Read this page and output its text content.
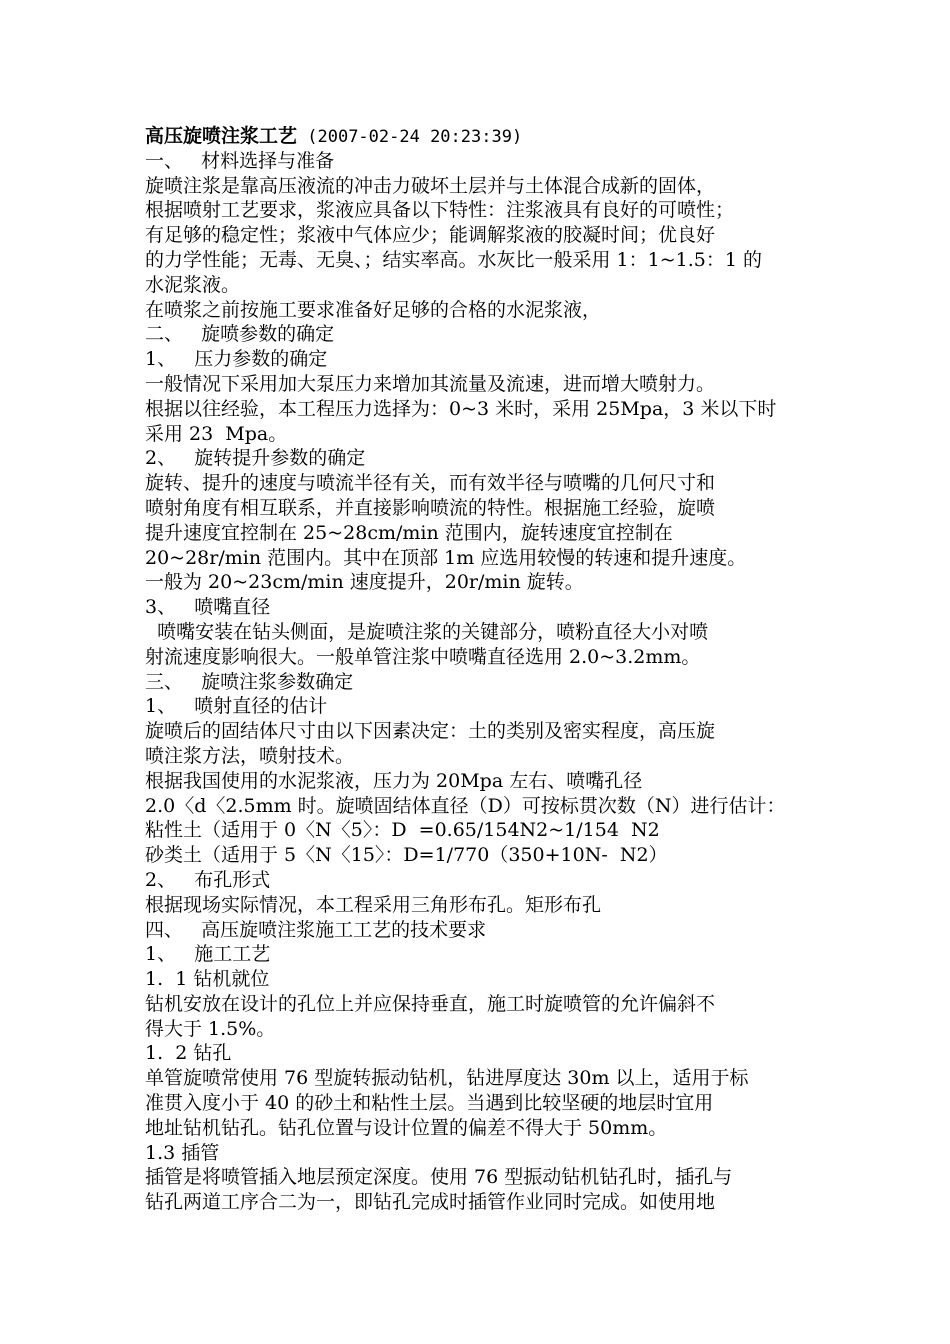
高压旋喷注浆工艺 (2007-02-24 20:23:39)
一、   材料选择与准备
旋喷注浆是靠高压液流的冲击力破坏土层并与土体混合成新的固体，
根据喷射工艺要求，浆液应具备以下特性：注浆液具有良好的可喷性；
有足够的稳定性；浆液中气体应少；能调解浆液的胶凝时间；优良好
的力学性能；无毒、无臭、；结实率高。水灰比一般采用 1：1~1.5：1 的
水泥浆液。
在喷浆之前按施工要求准备好足够的合格的水泥浆液，
二、   旋喷参数的确定
1、   压力参数的确定
一般情况下采用加大泵压力来增加其流量及流速，进而增大喷射力。
根据以往经验，本工程压力选择为：0~3 米时，采用 25Mpa，3 米以下时
采用 23  Mpa。
2、   旋转提升参数的确定
旋转、提升的速度与喷流半径有关，而有效半径与喷嘴的几何尺寸和
喷射角度有相互联系，并直接影响喷流的特性。根据施工经验，旋喷
提升速度宜控制在 25~28cm/min 范围内，旋转速度宜控制在
20~28r/min 范围内。其中在顶部 1m 应选用较慢的转速和提升速度。
一般为 20~23cm/min 速度提升，20r/min 旋转。
3、   喷嘴直径
喷嘴安装在钻头侧面，是旋喷注浆的关键部分，喷粉直径大小对喷
射流速度影响很大。一般单管注浆中喷嘴直径选用 2.0~3.2mm。
三、   旋喷注浆参数确定
1、   喷射直径的估计
旋喷后的固结体尺寸由以下因素决定：土的类别及密实程度，高压旋
喷注浆方法，喷射技术。
根据我国使用的水泥浆液，压力为 20Mpa 左右、喷嘴孔径
2.0〈d〈2.5mm 时。旋喷固结体直径（D）可按标贯次数（N）进行估计：
粘性土（适用于 0〈N〈5〉：D  =0.65/154N2~1/154  N2
砂类土（适用于 5〈N〈15〉：D=1/770（350+10N-  N2）
2、   布孔形式
根据现场实际情况，本工程采用三角形布孔。矩形布孔
四、   高压旋喷注浆施工工艺的技术要求
1、   施工工艺
1.  1 钻机就位
钻机安放在设计的孔位上并应保持垂直，施工时旋喷管的允许偏斜不
得大于 1.5%。
1.  2 钻孔
单管旋喷常使用 76 型旋转振动钻机，钻进厚度达 30m 以上，适用于标
准贯入度小于 40 的砂土和粘性土层。当遇到比较坚硬的地层时宜用
地址钻机钻孔。钻孔位置与设计位置的偏差不得大于 50mm。
1.3 插管
插管是将喷管插入地层预定深度。使用 76 型振动钻机钻孔时，插孔与
钻孔两道工序合二为一，即钻孔完成时插管作业同时完成。如使用地
